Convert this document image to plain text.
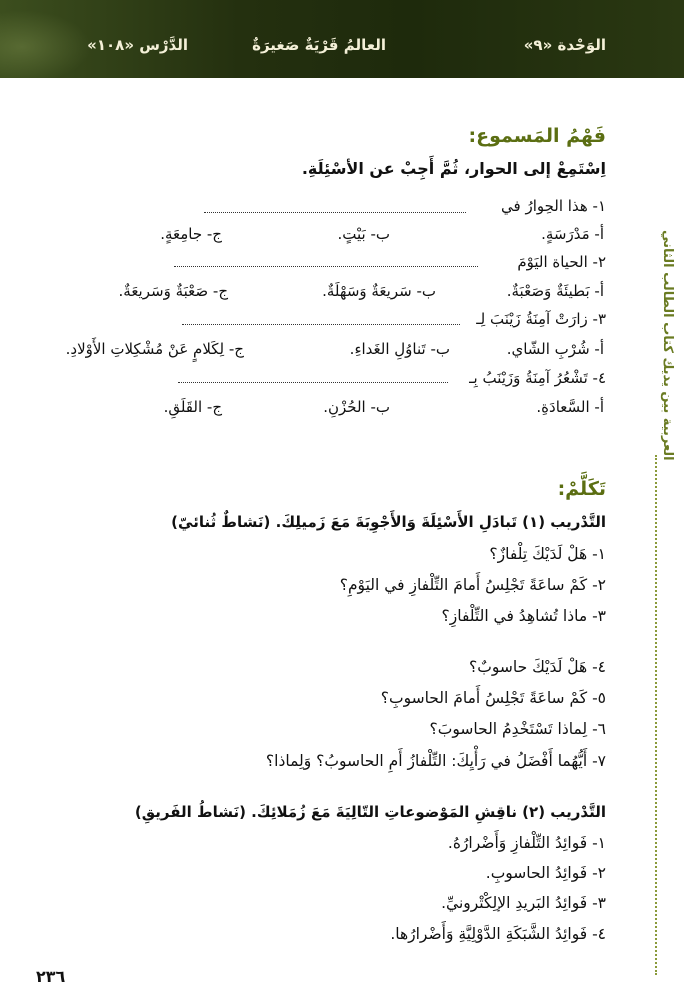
الوَحْدة «٩»
العالمُ قَرْيَةٌ صَغيرَةٌ
الدَّرْس «١٠٨»
العربية بين يديك كتاب الطالب الثاني
فَهْمُ المَسموع:
اِسْتَمِعْ إلى الحوار، ثُمَّ أَجِبْ عن الأسْئِلَةِ.
١- هذا الحِوارُ في
أ- مَدْرَسَةٍ.
ب- بَيْتٍ.
ج- جامِعَةٍ.
٢- الحياة اليَوْمَ
أ- بَطيئَةٌ وَصَعْبَةٌ.
ب- سَريعَةٌ وَسَهْلَةٌ.
ج- صَعْبَةٌ وَسَريعَةٌ.
٣- زارَتْ آمِنَةُ زَيْنَبَ لِـ
أ- شُرْبِ الشّاي.
ب- تَناوُلِ الغَداءِ.
ج- لِكَلامٍ عَنْ مُشْكِلاتِ الأَوْلادِ.
٤- تَشْعُرُ آمِنَةُ وَزَيْنَبُ بِـ
أ- السَّعادَةِ.
ب- الحُزْنِ.
ج- القَلَقِ.
تَكَلَّمْ:
التَّدْريب (١) تَبادَلِ الأَسْئِلَةَ وَالأَجْوِبَةَ مَعَ زَميلِكَ. (نَشاطٌ ثُنائيّ)
١- هَلْ لَدَيْكَ تِلْفازٌ؟
٢- كَمْ ساعَةً تَجْلِسُ أَمامَ التِّلْفازِ في اليَوْمِ؟
٣- ماذا تُشاهِدُ في التِّلْفازِ؟
٤- هَلْ لَدَيْكَ حاسوبٌ؟
٥- كَمْ ساعَةً تَجْلِسُ أَمامَ الحاسوبِ؟
٦- لِماذا تَسْتَخْدِمُ الحاسوبَ؟
٧- أَيُّهُما أَفْضَلُ في رَأْيِكَ: التِّلْفازُ أَمِ الحاسوبُ؟ وَلِماذا؟
التَّدْريب (٢) ناقِشِ المَوْضوعاتِ التّالِيَةَ مَعَ زُمَلائِكَ. (نَشاطُ الفَريقِ)
١- فَوائِدُ التِّلْفازِ وَأَضْرارُهُ.
٢- فَوائِدُ الحاسوبِ.
٣- فَوائِدُ البَريدِ الإلِكْتْرونيِّ.
٤- فَوائِدُ الشَّبَكَةِ الدَّوْلِيَّةِ وَأَضْرارُها.
٢٣٦
